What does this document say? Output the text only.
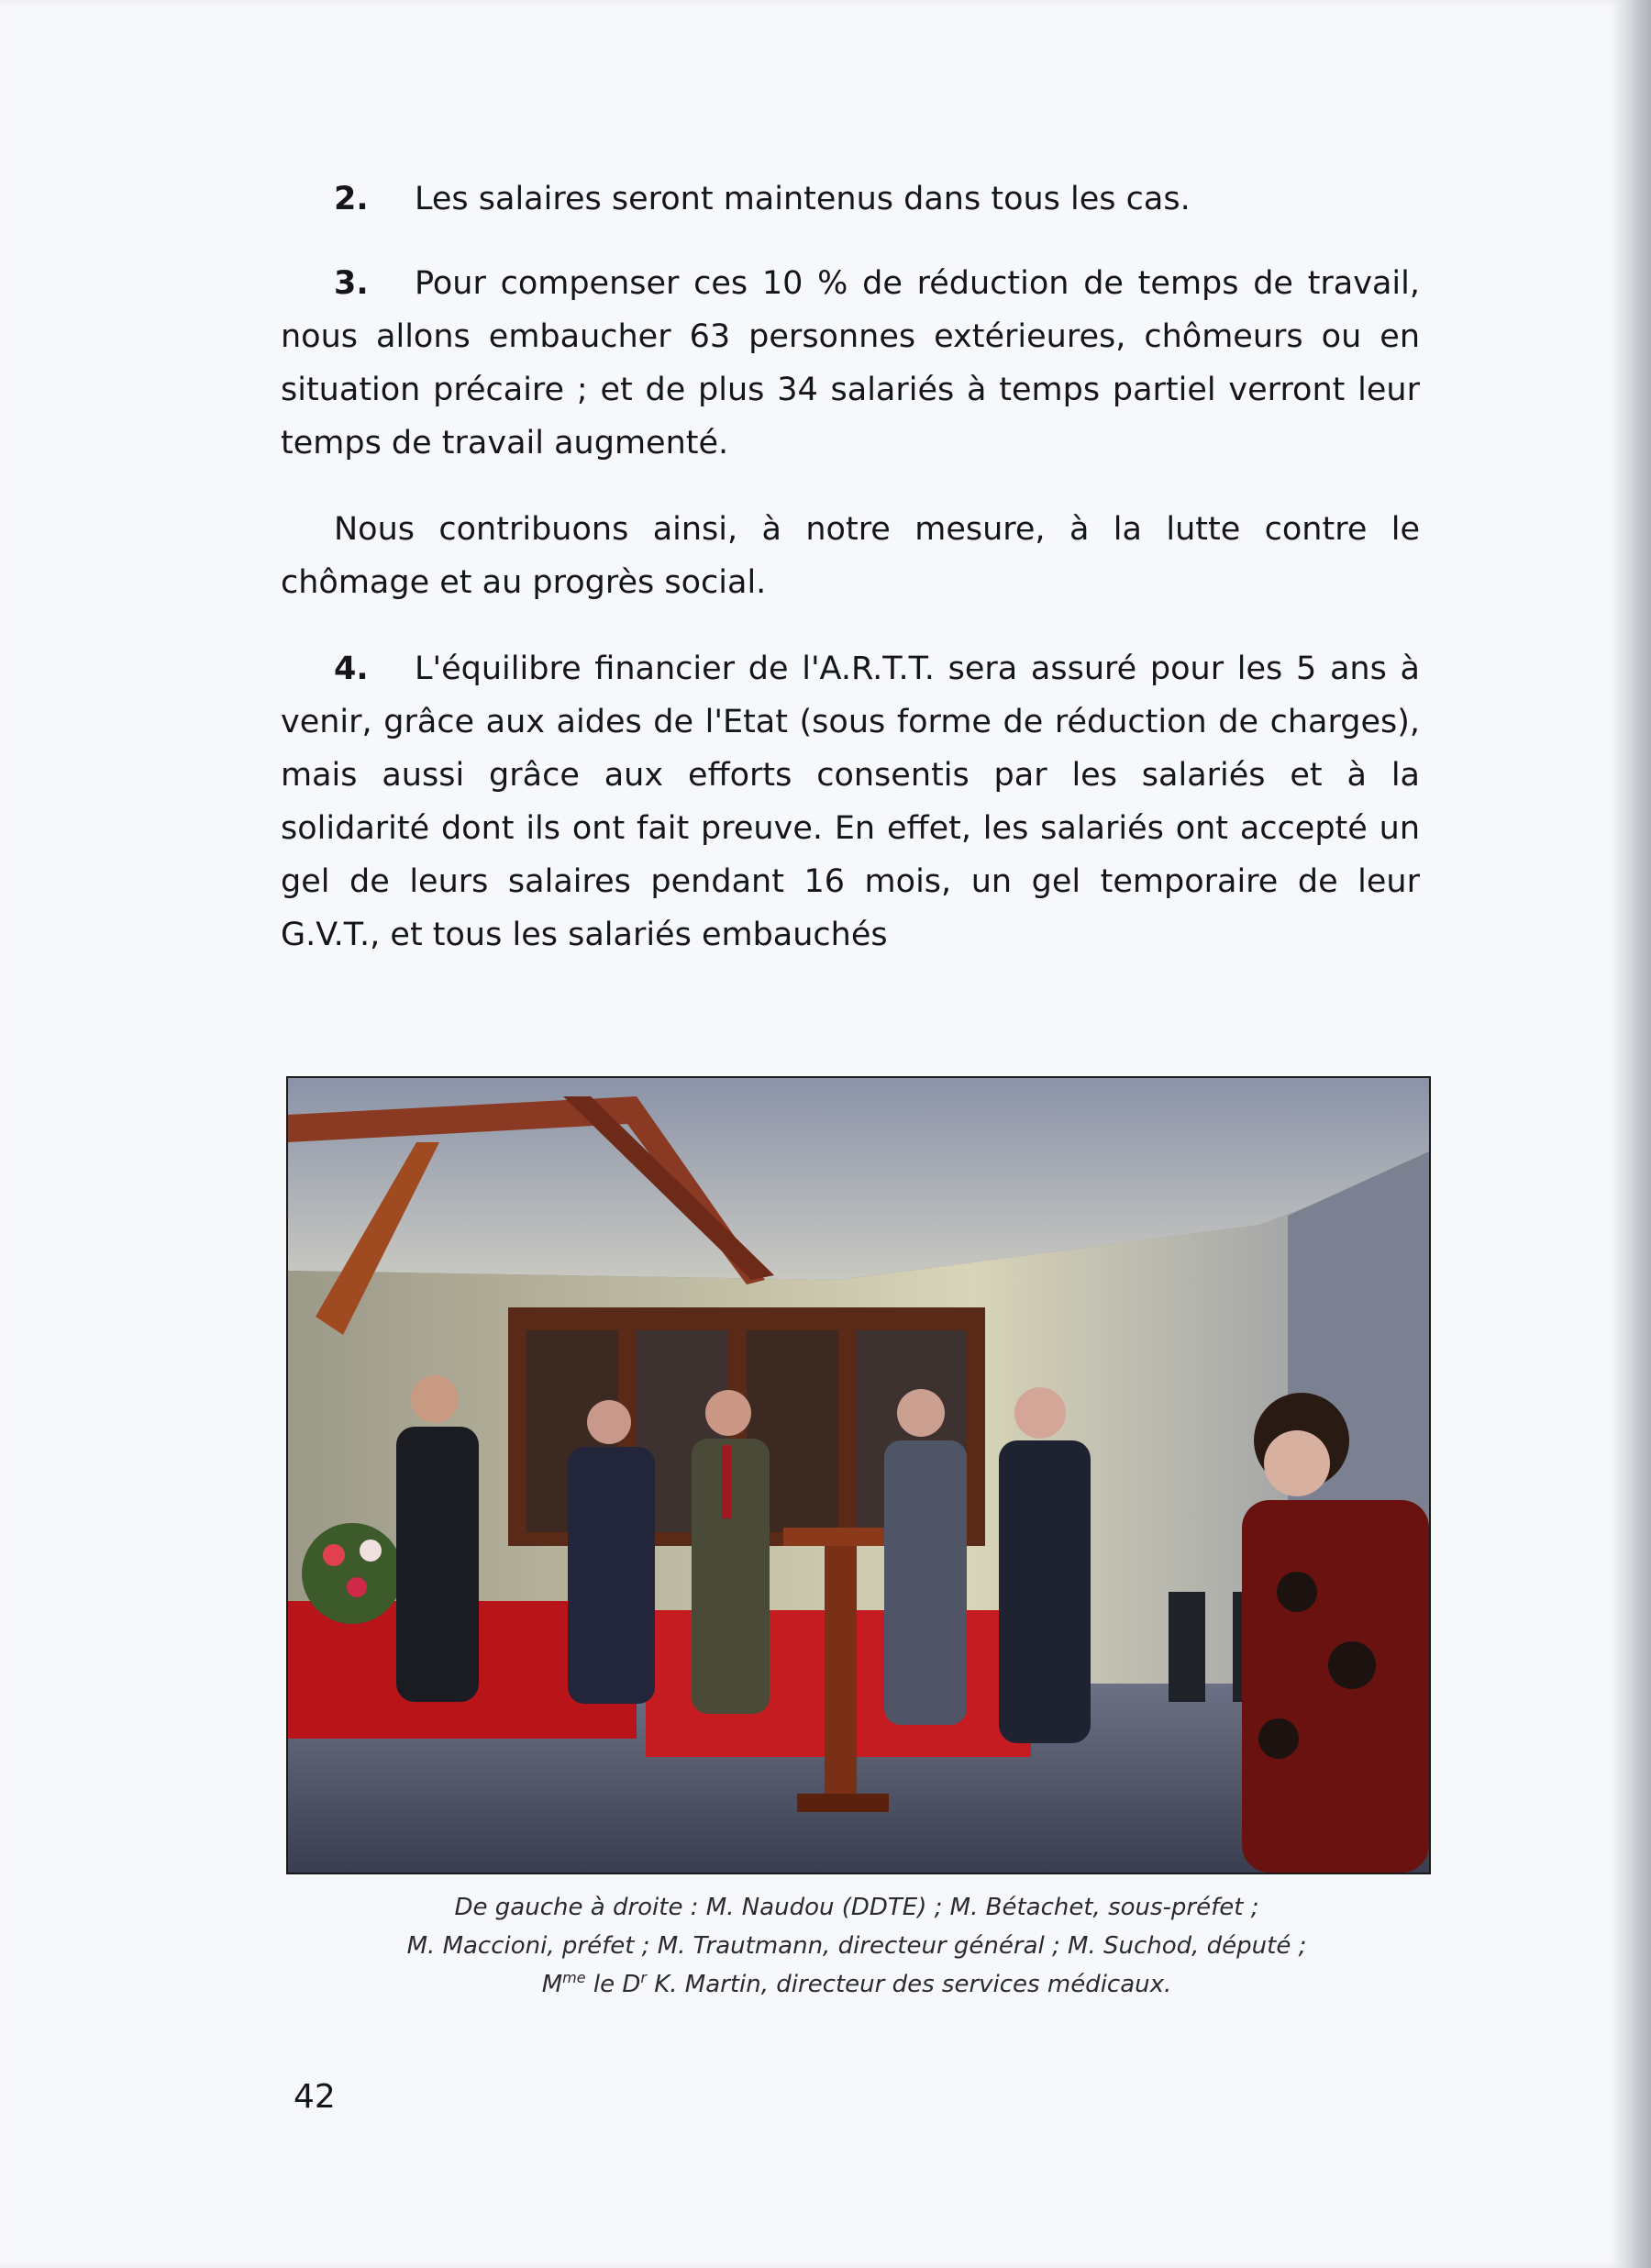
2. Les salaires seront maintenus dans tous les cas.
3. Pour compenser ces 10 % de réduction de temps de travail, nous allons embaucher 63 personnes extérieures, chômeurs ou en situation précaire ; et de plus 34 salariés à temps partiel verront leur temps de travail augmenté.
Nous contribuons ainsi, à notre mesure, à la lutte contre le chômage et au progrès social.
4. L'équilibre financier de l'A.R.T.T. sera assuré pour les 5 ans à venir, grâce aux aides de l'Etat (sous forme de réduction de charges), mais aussi grâce aux efforts consentis par les salariés et à la solidarité dont ils ont fait preuve. En effet, les salariés ont accepté un gel de leurs salaires pendant 16 mois, un gel temporaire de leur G.V.T., et tous les salariés embauchés
De gauche à droite : M. Naudou (DDTE) ; M. Bétachet, sous-préfet ;
M. Maccioni, préfet ; M. Trautmann, directeur général ; M. Suchod, député ;
$M^{me}$ le $D^r$ K. Martin, directeur des services médicaux.
42
